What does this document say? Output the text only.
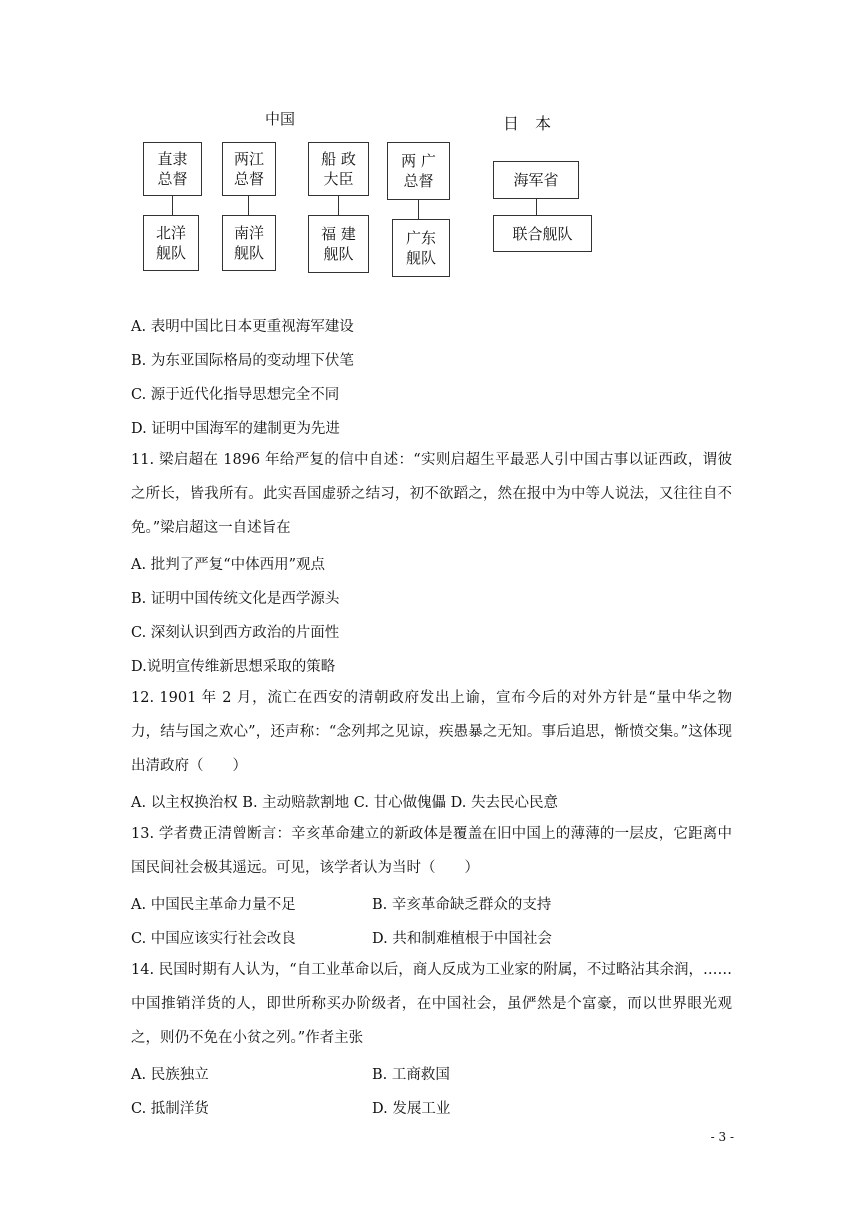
中国	日　本
直隶
总督
北洋
舰队
两江
总督
南洋
舰队
船 政
大臣
福 建
舰队
两 广
总督
广东
舰队
海军省
联合舰队
A. 表明中国比日本更重视海军建设
B. 为东亚国际格局的变动埋下伏笔
C. 源于近代化指导思想完全不同
D. 证明中国海军的建制更为先进
11. 梁启超在 1896 年给严复的信中自述：“实则启超生平最恶人引中国古事以证西政，谓彼之所长，皆我所有。此实吾国虚骄之结习，初不欲蹈之，然在报中为中等人说法，又往往自不免。”梁启超这一自述旨在
A. 批判了严复“中体西用”观点
B. 证明中国传统文化是西学源头
C. 深刻认识到西方政治的片面性
D.说明宣传维新思想采取的策略
12. 1901 年 2 月，流亡在西安的清朝政府发出上谕，宣布今后的对外方针是“量中华之物力，结与国之欢心”，还声称：“念列邦之见谅，疾愚暴之无知。事后追思，惭愤交集。”这体现出清政府（　　）
A. 以主权换治权 B. 主动赔款割地 C. 甘心做傀儡 D. 失去民心民意
13. 学者费正清曾断言：辛亥革命建立的新政体是覆盖在旧中国上的薄薄的一层皮，它距离中国民间社会极其遥远。可见，该学者认为当时（　　）
A. 中国民主革命力量不足	B. 辛亥革命缺乏群众的支持
C. 中国应该实行社会改良	D. 共和制难植根于中国社会
14. 民国时期有人认为，“自工业革命以后，商人反成为工业家的附属，不过略沾其余润，……中国推销洋货的人，即世所称买办阶级者，在中国社会，虽俨然是个富豪，而以世界眼光观之，则仍不免在小贫之列。”作者主张
A. 民族独立	B. 工商救国
C. 抵制洋货	D. 发展工业
- 3 -
